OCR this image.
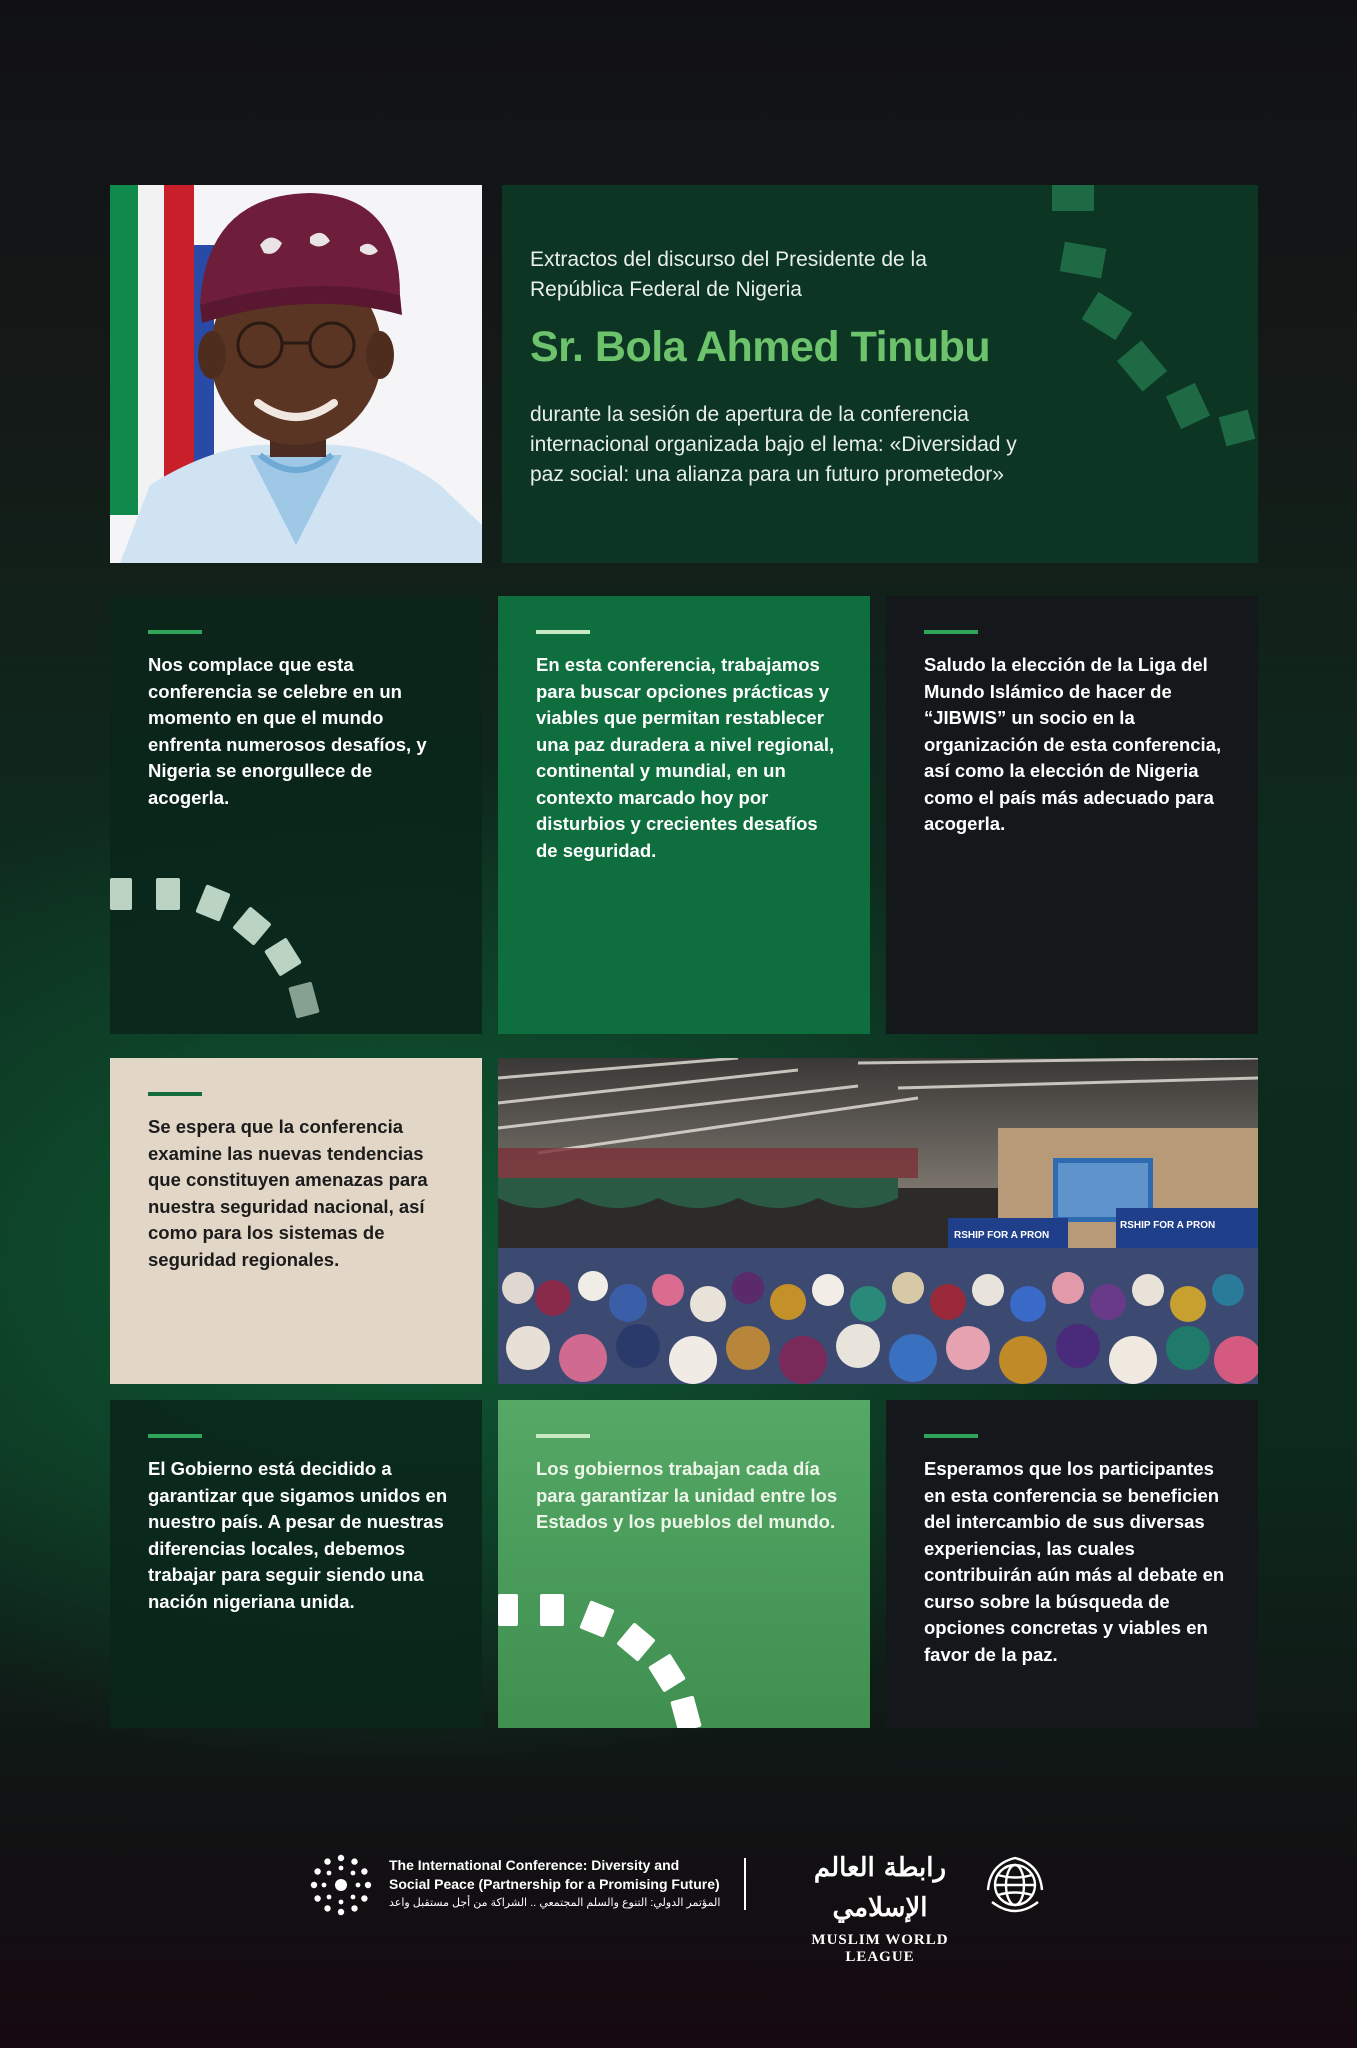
Extractos del discurso del Presidente de la República Federal de Nigeria
Sr. Bola Ahmed Tinubu
durante la sesión de apertura de la conferencia internacional organizada bajo el lema: «Diversidad y paz social: una alianza para un futuro prometedor»
Nos complace que esta conferencia se celebre en un momento en que el mundo enfrenta numerosos desafíos, y Nigeria se enorgullece de acogerla.
En esta conferencia, trabajamos para buscar opciones prácticas y viables que permitan restablecer una paz duradera a nivel regional, continental y mundial, en un contexto marcado hoy por disturbios y crecientes desafíos de seguridad.
Saludo la elección de la Liga del Mundo Islámico de hacer de “JIBWIS” un socio en la organización de esta conferencia, así como la elección de Nigeria como el país más adecuado para acogerla.
Se espera que la conferencia examine las nuevas tendencias que constituyen amenazas para nuestra seguridad nacional, así como para los sistemas de seguridad regionales.
RSHIP FOR A PRON
RSHIP FOR A PRON
El Gobierno está decidido a garantizar que sigamos unidos en nuestro país. A pesar de nuestras diferencias locales, debemos trabajar para seguir siendo una nación nigeriana unida.
Los gobiernos trabajan cada día para garantizar la unidad entre los Estados y los pueblos del mundo.
Esperamos que los participantes en esta conferencia se beneficien del intercambio de sus diversas experiencias, las cuales contribuirán aún más al debate en curso sobre la búsqueda de opciones concretas y viables en favor de la paz.
The International Conference: Diversity and
Social Peace (Partnership for a Promising Future)
المؤتمر الدولي: التنوع والسلم المجتمعي .. الشراكة من أجل مستقبل واعد
رابطة العالم الإسلامي
MUSLIM WORLD LEAGUE
